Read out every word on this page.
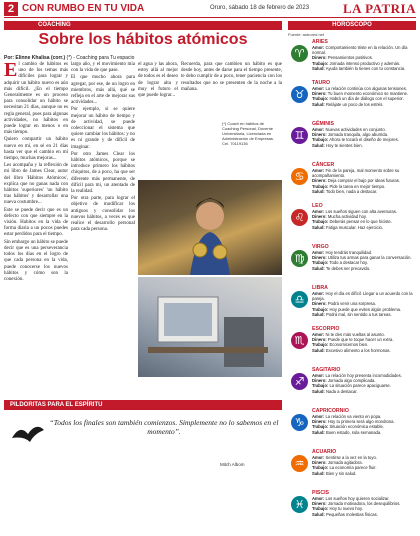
2 CON RUMBO EN TU VIDA	Oruro, sábado 18 de febrero de 2023	LA PATRIA
COACHING
Sobre los hábitos atómicos
Por: Elinne Khalisa (corr.) (*) - Coaching para Tu espacio

El cambio de hábitos es uno de los temas más difíciles para lograr y adquirir un hábito nuevo es aún más difícil. ¿En el tiempo Generalmente es un proceso para consolidar un hábito se necesitan 21 días, aunque no es regla general, pues para algunas actividades, no hábitos en puede lograr en menos o en más tiempo.

Quiero compartir un hábito nuevo en mí, en sé en 21 días hasta ver que el cambio en mí tiempo, muchas mejoras...

Les acompaña y la reflexión de mi libro de James Clear, autor del libro 'Hábitos Atómicos', explica que no ganas nada con hábitos 'superiores' 'un hábito tras hábitos' y desarrollar una nueva costumbre...

Este se puede decir que es un defecto con que siempre en la visión. Habitos en la vida de forma diaria a un pocos puedes estar perdidos para el tiempo.

Sin embargo un hábito se puede decir que es una perseverancia todos los días en el logro de que cada persona en la vida, puede conocerse los nuevos hábitos y cómo son la conexión.

largo año, y el movimiento mía con la vida de que pase.

El que mucho ahora para agregar, por ese, de un logro en miembros, más allá, qué se refleja en el arte de mejorar sus actividades...

Por ejemplo, si se quiere mejorar un hábito de tiempo y de actividad, se puede coleccionar el sistema que quiere cambiar los hábitos: y no es ni grande y de difícil de imaginar.

Por otro James Clear los hábitos atómicos, porque se introduce primero los hábitos chiquitos, de a poco, ha que ser diferente más permanente, de difícil para mi, un atentado de la realidad.

Por otra parte, para lograr el objetivo de modificar los antiguos y consolidar los nuevos hábitos, a veces es que realice el desarrollo personal para cada persona.

el agua y las ahora, estoy allá al mejor de todos es el deseo de lograr alta y muy el futuro el que puede lograr...

Recuerda, para que cambien un hábito es que desde hoy, antes de darse para el tiempo presente, te debo cumplir de a poco, tener paciencia con los resultados que no se presenten de la noche a la mañana.

(*) Coach en hábitos de Coaching Personal, Docente Universitaria, Licenciada en Administración de Empresas.
Cel. 70119136
PILDORITAS PARA EL ESPÍRITU
“Todos los finales son también comienzos. Simplemente no lo sabemos en el momento”.
Mitch Albom
HORÓSCOPO
Fuente: astrored.net
♈
ARIES
Amor: Comportamiento triste en la relación. Un día normal.
Dinero: Pensamientos positivos.
Trabajo: Jornada intenso productivo y además.
Salud: Ayuda también lo tienes con tu constancia.
♉
TAURO
Amor: La relación continúa con algunas tensiones.
Dinero: Tu buen momento económico se mantiene.
Trabajo: Habrá un día de diálogo con el superior.
Salud: Relájate un poco de los estrés.
♊
GÉMINIS
Amor: Nuevas actividades en conjunto.
Dinero: Jornada tranquila, algo aburrida.
Trabajo: Ahora te tocará el diseño de mejores.
Salud: Hoy te sientes bien.
♋
CÁNCER
Amor: Fin de la pareja, mal momento sobre su acompañamiento.
Dinero: Deja comprar el bajo por ideas futuras.
Trabajo: Pide la tarea en mejor tiempo.
Salud: Todo bien, nada a destacar.
♌
LEO
Amor: Los sueños siguen con alta aventuras.
Dinero: Mucha actividad hoy.
Trabajo: Deberás pensar en lo que hiciste.
Salud: Fatiga muscular. Haz ejercicio.
♍
VIRGO
Amor: Hoy tendrás tranquilidad.
Dinero: Utiliza tus armas para ganar la conversación.
Trabajo: Todo a destacar hoy.
Salud: Te debes ser precavido.
♎
LIBRA
Amor: Hoy el día es difícil. Llegar a un acuerdo con la pareja.
Dinero: Podrá venir una sorpresa.
Trabajo: Hoy puede que evites algún problema.
Salud: Podrá mal, sin sentido a tus tareas.
♏
ESCORPIO
Amor: Ni te des más vueltas al asunto.
Dinero: Puede que te toque hacer un extra.
Trabajo: Economicemos bien.
Salud: Excesivo alimento a los hormonas.
♐
SAGITARIO
Amor: La relación hoy presenta incomodidades.
Dinero: Jornada algo complicada.
Trabajo: La situación parece apaciguarse.
Salud: Nada a destacar.
♑
CAPRICORNIO
Amor: La relación va viento en popa.
Dinero: Hoy tu primera será algo monótona.
Trabajo: Situación económica estable.
Salud: Buen estado, sola semanada.
♒
ACUARIO
Amor: Sentirse a la vez en la tuyo.
Dinero: Jornada agitadora.
Trabajo: La economía parece fluir.
Salud: Bien y sin salud.
♓
PISCIS
Amor: Los sueños hoy quieren socializar.
Dinero: Jornada motivadora, los desequilibrios.
Trabajo: Hoy tu nuevo hoy.
Salud: Pequeñas molestias físicas.
